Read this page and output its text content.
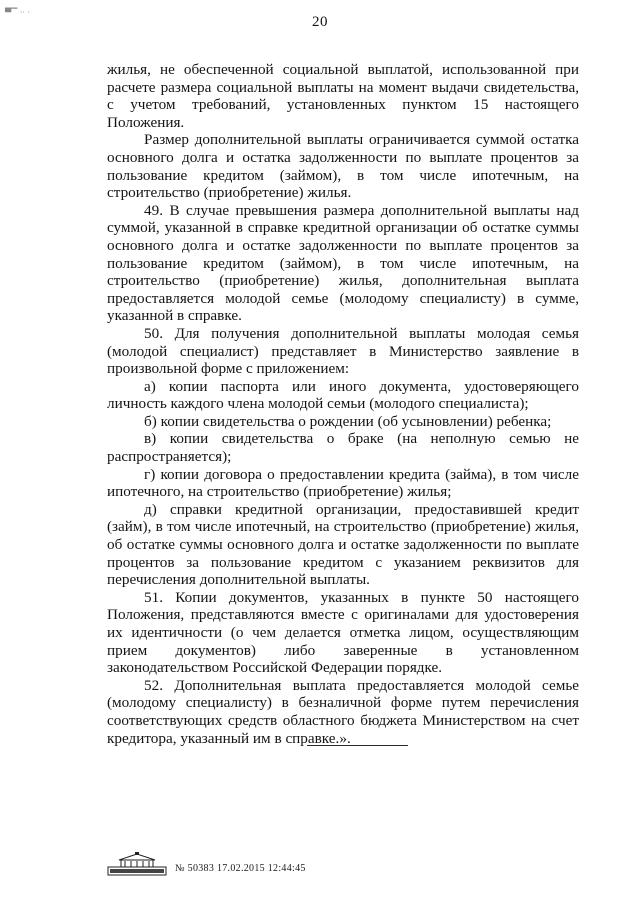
▀▔ ·· ·
20

жилья, не обеспеченной социальной выплатой, использованной при расчете размера социальной выплаты на момент выдачи свидетельства, с учетом требований, установленных пунктом 15 настоящего Положения.

Размер дополнительной выплаты ограничивается суммой остатка основного долга и остатка задолженности по выплате процентов за пользование кредитом (займом), в том числе ипотечным, на строительство (приобретение) жилья.

49. В случае превышения размера дополнительной выплаты над суммой, указанной в справке кредитной организации об остатке суммы основного долга и остатке задолженности по выплате процентов за пользование кредитом (займом), в том числе ипотечным, на строительство (приобретение) жилья, дополнительная выплата предоставляется молодой семье (молодому специалисту) в сумме, указанной в справке.

50. Для получения дополнительной выплаты молодая семья (молодой специалист) представляет в Министерство заявление в произвольной форме с приложением:

а) копии паспорта или иного документа, удостоверяющего личность каждого члена молодой семьи (молодого специалиста);

б) копии свидетельства о рождении (об усыновлении) ребенка;

в) копии свидетельства о браке (на неполную семью не распространяется);

г) копии договора о предоставлении кредита (займа), в том числе ипотечного, на строительство (приобретение) жилья;

д) справки кредитной организации, предоставившей кредит (займ), в том числе ипотечный, на строительство (приобретение) жилья, об остатке суммы основного долга и остатке задолженности по выплате процентов за пользование кредитом с указанием реквизитов для перечисления дополнительной выплаты.

51. Копии документов, указанных в пункте 50 настоящего Положения, представляются вместе с оригиналами для удостоверения их идентичности (о чем делается отметка лицом, осуществляющим прием документов) либо заверенные в установленном законодательством Российской Федерации порядке.

52. Дополнительная выплата предоставляется молодой семье (молодому специалисту) в безналичной форме путем перечисления соответствующих средств областного бюджета Министерством на счет кредитора, указанный им в справке.».

№ 50383 17.02.2015 12:44:45
